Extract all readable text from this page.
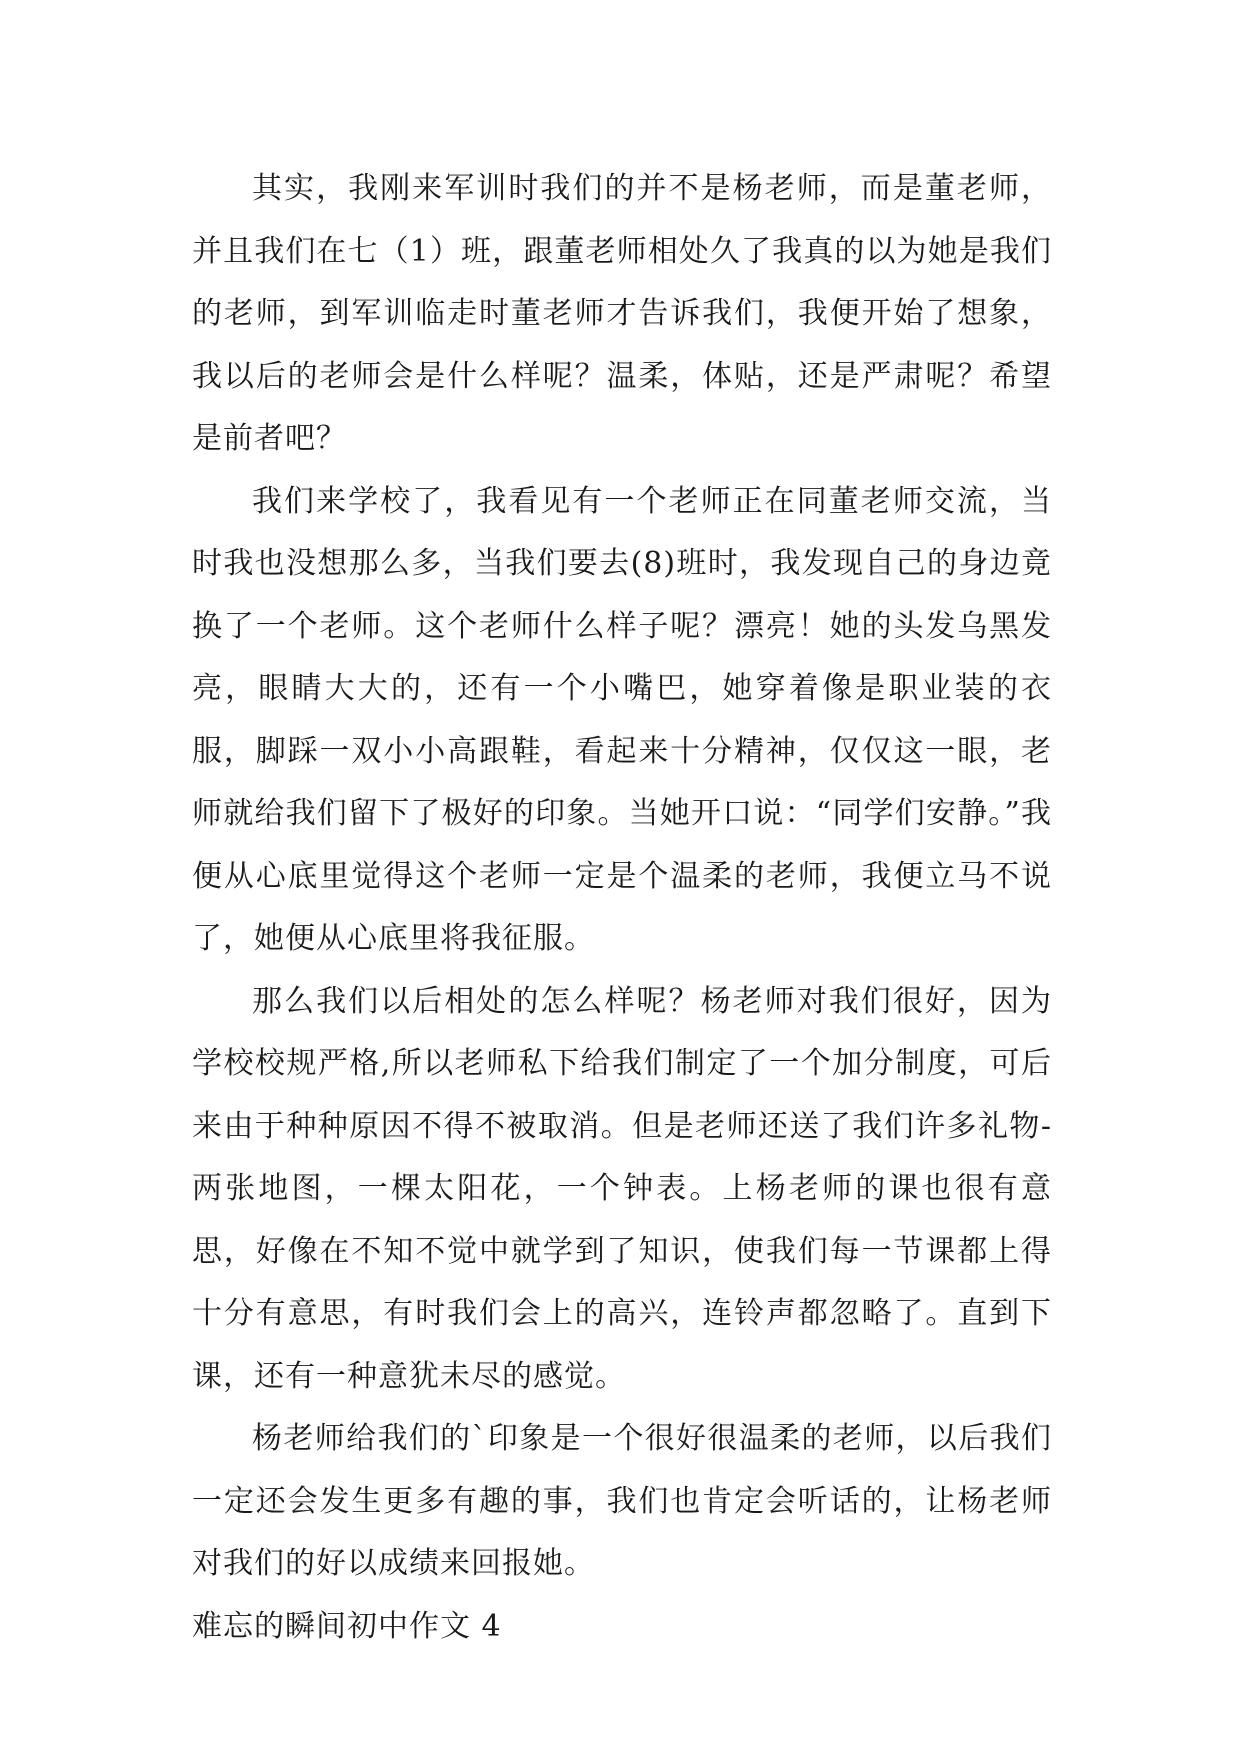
其实，我刚来军训时我们的并不是杨老师，而是董老师，并且我们在七（1）班，跟董老师相处久了我真的以为她是我们的老师，到军训临走时董老师才告诉我们，我便开始了想象，我以后的老师会是什么样呢？温柔，体贴，还是严肃呢？希望是前者吧？

我们来学校了，我看见有一个老师正在同董老师交流，当时我也没想那么多，当我们要去(8)班时，我发现自己的身边竟换了一个老师。这个老师什么样子呢？漂亮！她的头发乌黑发亮，眼睛大大的，还有一个小嘴巴，她穿着像是职业装的衣服，脚踩一双小小高跟鞋，看起来十分精神，仅仅这一眼，老师就给我们留下了极好的印象。当她开口说：“同学们安静。”我便从心底里觉得这个老师一定是个温柔的老师，我便立马不说了，她便从心底里将我征服。

那么我们以后相处的怎么样呢？杨老师对我们很好，因为学校校规严格,所以老师私下给我们制定了一个加分制度，可后来由于种种原因不得不被取消。但是老师还送了我们许多礼物-两张地图，一棵太阳花，一个钟表。上杨老师的课也很有意思，好像在不知不觉中就学到了知识，使我们每一节课都上得十分有意思，有时我们会上的高兴，连铃声都忽略了。直到下课，还有一种意犹未尽的感觉。

杨老师给我们的`印象是一个很好很温柔的老师，以后我们一定还会发生更多有趣的事，我们也肯定会听话的，让杨老师对我们的好以成绩来回报她。

难忘的瞬间初中作文 4
